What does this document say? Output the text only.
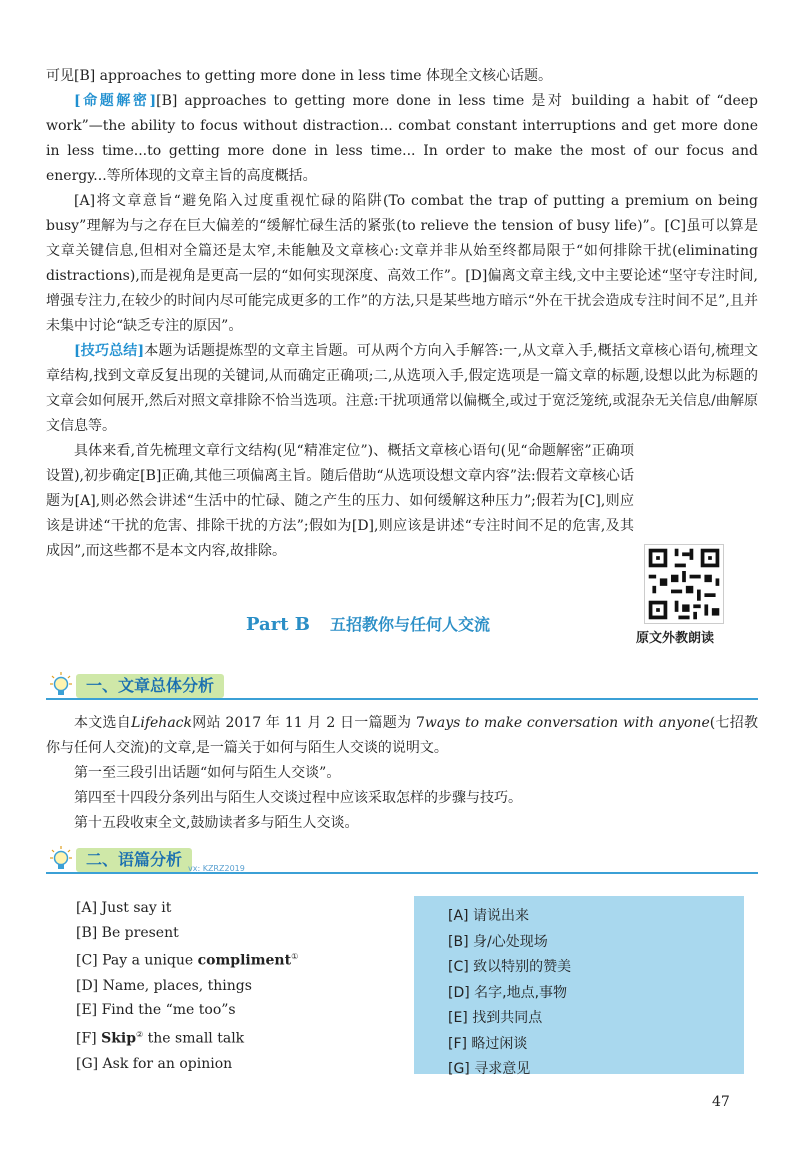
可见[B] approaches to getting more done in less time 体现全文核心话题。
[命题解密][B] approaches to getting more done in less time 是对 building a habit of “deep work”—the ability to focus without distraction... combat constant interruptions and get more done in less time...to getting more done in less time... In order to make the most of our focus and energy...等所体现的文章主旨的高度概括。
[A]将文章意旨“避免陷入过度重视忙碌的陷阱(To combat the trap of putting a premium on being busy”理解为与之存在巨大偏差的“缓解忙碌生活的紧张(to relieve the tension of busy life)”。[C]虽可以算是文章关键信息,但相对全篇还是太窄,未能触及文章核心:文章并非从始至终都局限于“如何排除干扰(eliminating distractions),而是视角是更高一层的“如何实现深度、高效工作”。[D]偏离文章主线,文中主要论述“坚守专注时间,增强专注力,在较少的时间内尽可能完成更多的工作”的方法,只是某些地方暗示“外在干扰会造成专注时间不足”,且并未集中讨论“缺乏专注的原因”。
[技巧总结]本题为话题提炼型的文章主旨题。可从两个方向入手解答:一,从文章入手,概括文章核心语句,梳理文章结构,找到文章反复出现的关键词,从而确定正确项;二,从选项入手,假定选项是一篇文章的标题,设想以此为标题的文章会如何展开,然后对照文章排除不恰当选项。注意:干扰项通常以偏概全,或过于宽泛笼统,或混杂无关信息/曲解原文信息等。
具体来看,首先梳理文章行文结构(见“精准定位”)、概括文章核心语句(见“命题解密”正确项设置),初步确定[B]正确,其他三项偏离主旨。随后借助“从选项设想文章内容”法:假若文章核心话题为[A],则必然会讲述“生活中的忙碌、随之产生的压力、如何缓解这种压力”;假若为[C],则应该是讲述“干扰的危害、排除干扰的方法”;假如为[D],则应该是讲述“专注时间不足的危害,及其成因”,而这些都不是本文内容,故排除。
原文外教朗读
Part B 五招教你与任何人交流
一、文章总体分析
本文选自Lifehack网站 2017 年 11 月 2 日一篇题为 7ways to make conversation with anyone(七招教你与任何人交流)的文章,是一篇关于如何与陌生人交谈的说明文。
第一至三段引出话题“如何与陌生人交谈”。
第四至十四段分条列出与陌生人交谈过程中应该采取怎样的步骤与技巧。
第十五段收束全文,鼓励读者多与陌生人交谈。
二、语篇分析 vx: KZRZ2019
[A] Just say it
[B] Be present
[C] Pay a unique compliment①
[D] Name, places, things
[E] Find the “me too”s
[F] Skip② the small talk
[G] Ask for an opinion
[A] 请说出来
[B] 身/心处现场
[C] 致以特别的赞美
[D] 名字,地点,事物
[E] 找到共同点
[F] 略过闲谈
[G] 寻求意见
47
